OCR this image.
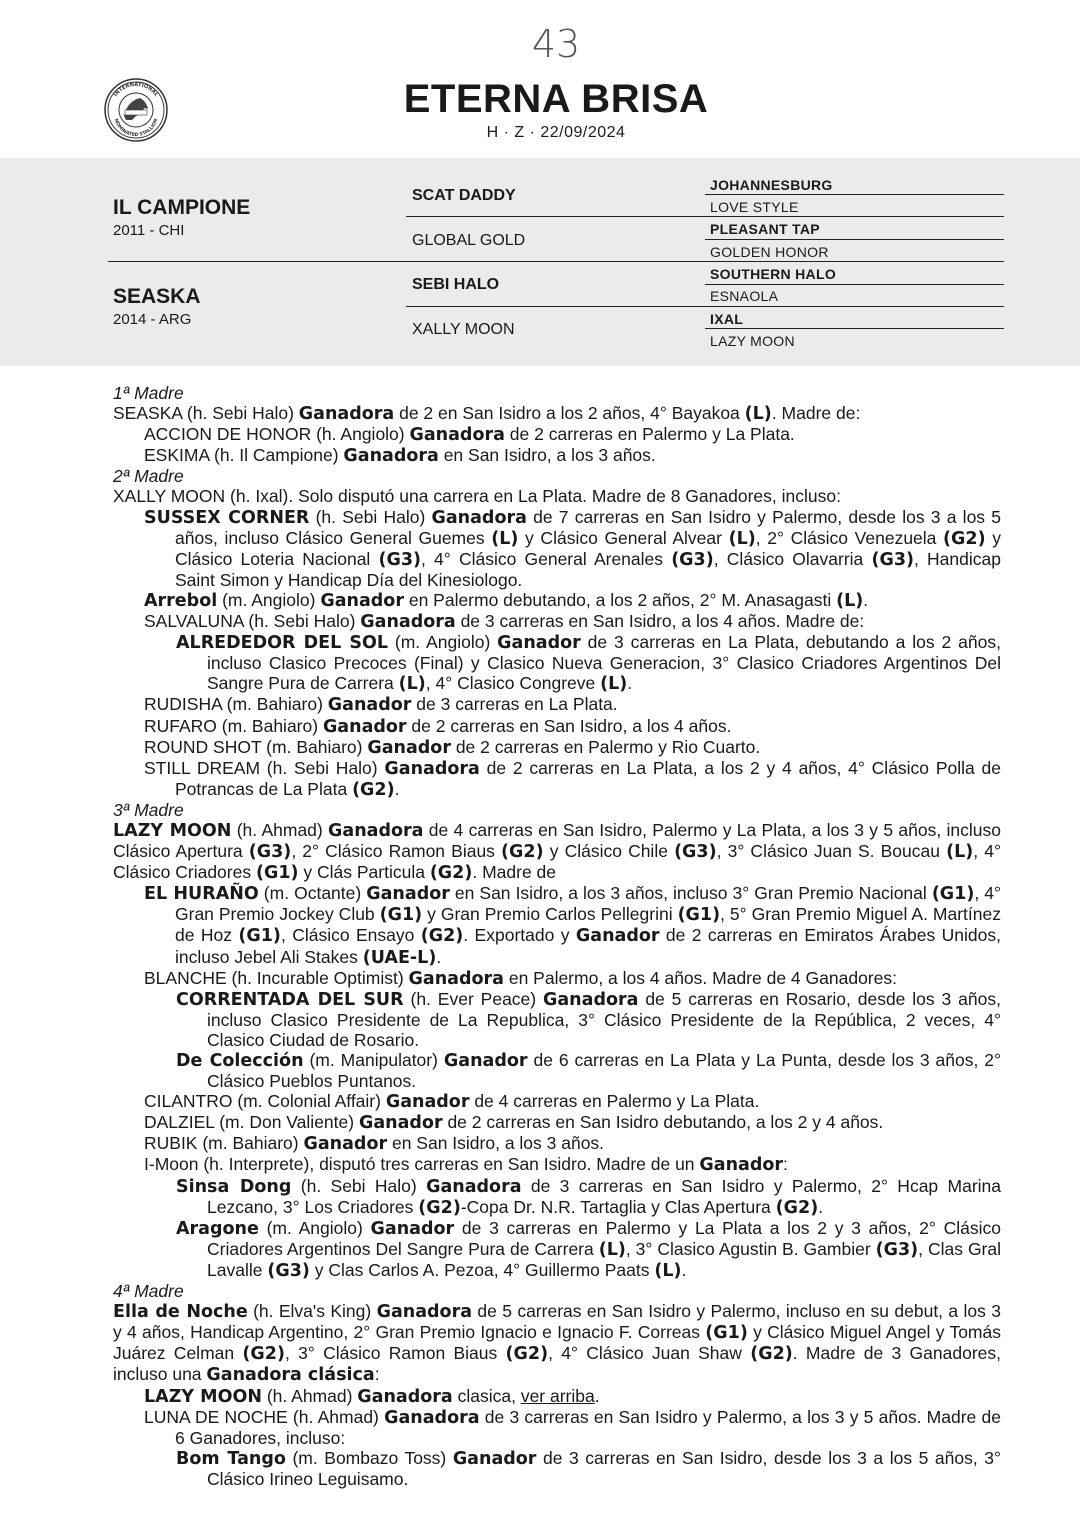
43
ETERNA BRISA
H · Z · 22/09/2024
INTERNATIONAL
NOMINATED STALLION
IL CAMPIONE
2011 - CHI
SEASKA
2014 - ARG
SCAT DADDY
GLOBAL GOLD
SEBI HALO
XALLY MOON
JOHANNESBURG
LOVE STYLE
PLEASANT TAP
GOLDEN HONOR
SOUTHERN HALO
ESNAOLA
IXAL
LAZY MOON
1ª Madre
SEASKA (h. Sebi Halo) Ganadora de 2 en San Isidro a los 2 años, 4° Bayakoa (L). Madre de:
ACCION DE HONOR (h. Angiolo) Ganadora de 2 carreras en Palermo y La Plata.
ESKIMA (h. Il Campione) Ganadora en San Isidro, a los 3 años.
2ª Madre
XALLY MOON (h. Ixal). Solo disputó una carrera en La Plata. Madre de 8 Ganadores, incluso:
SUSSEX CORNER (h. Sebi Halo) Ganadora de 7 carreras en San Isidro y Palermo, desde los 3 a los 5 años, incluso Clásico General Guemes (L) y Clásico General Alvear (L), 2° Clásico Venezuela (G2) y Clásico Loteria Nacional (G3), 4° Clásico General Arenales (G3), Clásico Olavarria (G3), Handicap Saint Simon y Handicap Día del Kinesiologo.
Arrebol (m. Angiolo) Ganador en Palermo debutando, a los 2 años, 2° M. Anasagasti (L).
SALVALUNA (h. Sebi Halo) Ganadora de 3 carreras en San Isidro, a los 4 años. Madre de:
ALREDEDOR DEL SOL (m. Angiolo) Ganador de 3 carreras en La Plata, debutando a los 2 años, incluso Clasico Precoces (Final) y Clasico Nueva Generacion, 3° Clasico Criadores Argentinos Del Sangre Pura de Carrera (L), 4° Clasico Congreve (L).
RUDISHA (m. Bahiaro) Ganador de 3 carreras en La Plata.
RUFARO (m. Bahiaro) Ganador de 2 carreras en San Isidro, a los 4 años.
ROUND SHOT (m. Bahiaro) Ganador de 2 carreras en Palermo y Rio Cuarto.
STILL DREAM (h. Sebi Halo) Ganadora de 2 carreras en La Plata, a los 2 y 4 años, 4° Clásico Polla de Potrancas de La Plata (G2).
3ª Madre
LAZY MOON (h. Ahmad) Ganadora de 4 carreras en San Isidro, Palermo y La Plata, a los 3 y 5 años, incluso Clásico Apertura (G3), 2° Clásico Ramon Biaus (G2) y Clásico Chile (G3), 3° Clásico Juan S. Boucau (L), 4° Clásico Criadores (G1) y Clás Particula (G2). Madre de
EL HURAÑO (m. Octante) Ganador en San Isidro, a los 3 años, incluso 3° Gran Premio Nacional (G1), 4° Gran Premio Jockey Club (G1) y Gran Premio Carlos Pellegrini (G1), 5° Gran Premio Miguel A. Martínez de Hoz (G1), Clásico Ensayo (G2). Exportado y Ganador de 2 carreras en Emiratos Árabes Unidos, incluso Jebel Ali Stakes (UAE-L).
BLANCHE (h. Incurable Optimist) Ganadora en Palermo, a los 4 años. Madre de 4 Ganadores:
CORRENTADA DEL SUR (h. Ever Peace) Ganadora de 5 carreras en Rosario, desde los 3 años, incluso Clasico Presidente de La Republica, 3° Clásico Presidente de la República, 2 veces, 4° Clasico Ciudad de Rosario.
De Colección (m. Manipulator) Ganador de 6 carreras en La Plata y La Punta, desde los 3 años, 2° Clásico Pueblos Puntanos.
CILANTRO (m. Colonial Affair) Ganador de 4 carreras en Palermo y La Plata.
DALZIEL (m. Don Valiente) Ganador de 2 carreras en San Isidro debutando, a los 2 y 4 años.
RUBIK (m. Bahiaro) Ganador en San Isidro, a los 3 años.
I-Moon (h. Interprete), disputó tres carreras en San Isidro. Madre de un Ganador:
Sinsa Dong (h. Sebi Halo) Ganadora de 3 carreras en San Isidro y Palermo, 2° Hcap Marina Lezcano, 3° Los Criadores (G2)-Copa Dr. N.R. Tartaglia y Clas Apertura (G2).
Aragone (m. Angiolo) Ganador de 3 carreras en Palermo y La Plata a los 2 y 3 años, 2° Clásico Criadores Argentinos Del Sangre Pura de Carrera (L), 3° Clasico Agustin B. Gambier (G3), Clas Gral Lavalle (G3) y Clas Carlos A. Pezoa, 4° Guillermo Paats (L).
4ª Madre
Ella de Noche (h. Elva's King) Ganadora de 5 carreras en San Isidro y Palermo, incluso en su debut, a los 3 y 4 años, Handicap Argentino, 2° Gran Premio Ignacio e Ignacio F. Correas (G1) y Clásico Miguel Angel y Tomás Juárez Celman (G2), 3° Clásico Ramon Biaus (G2), 4° Clásico Juan Shaw (G2). Madre de 3 Ganadores, incluso una Ganadora clásica:
LAZY MOON (h. Ahmad) Ganadora clasica, ver arriba.
LUNA DE NOCHE (h. Ahmad) Ganadora de 3 carreras en San Isidro y Palermo, a los 3 y 5 años. Madre de 6 Ganadores, incluso:
Bom Tango (m. Bombazo Toss) Ganador de 3 carreras en San Isidro, desde los 3 a los 5 años, 3° Clásico Irineo Leguisamo.
